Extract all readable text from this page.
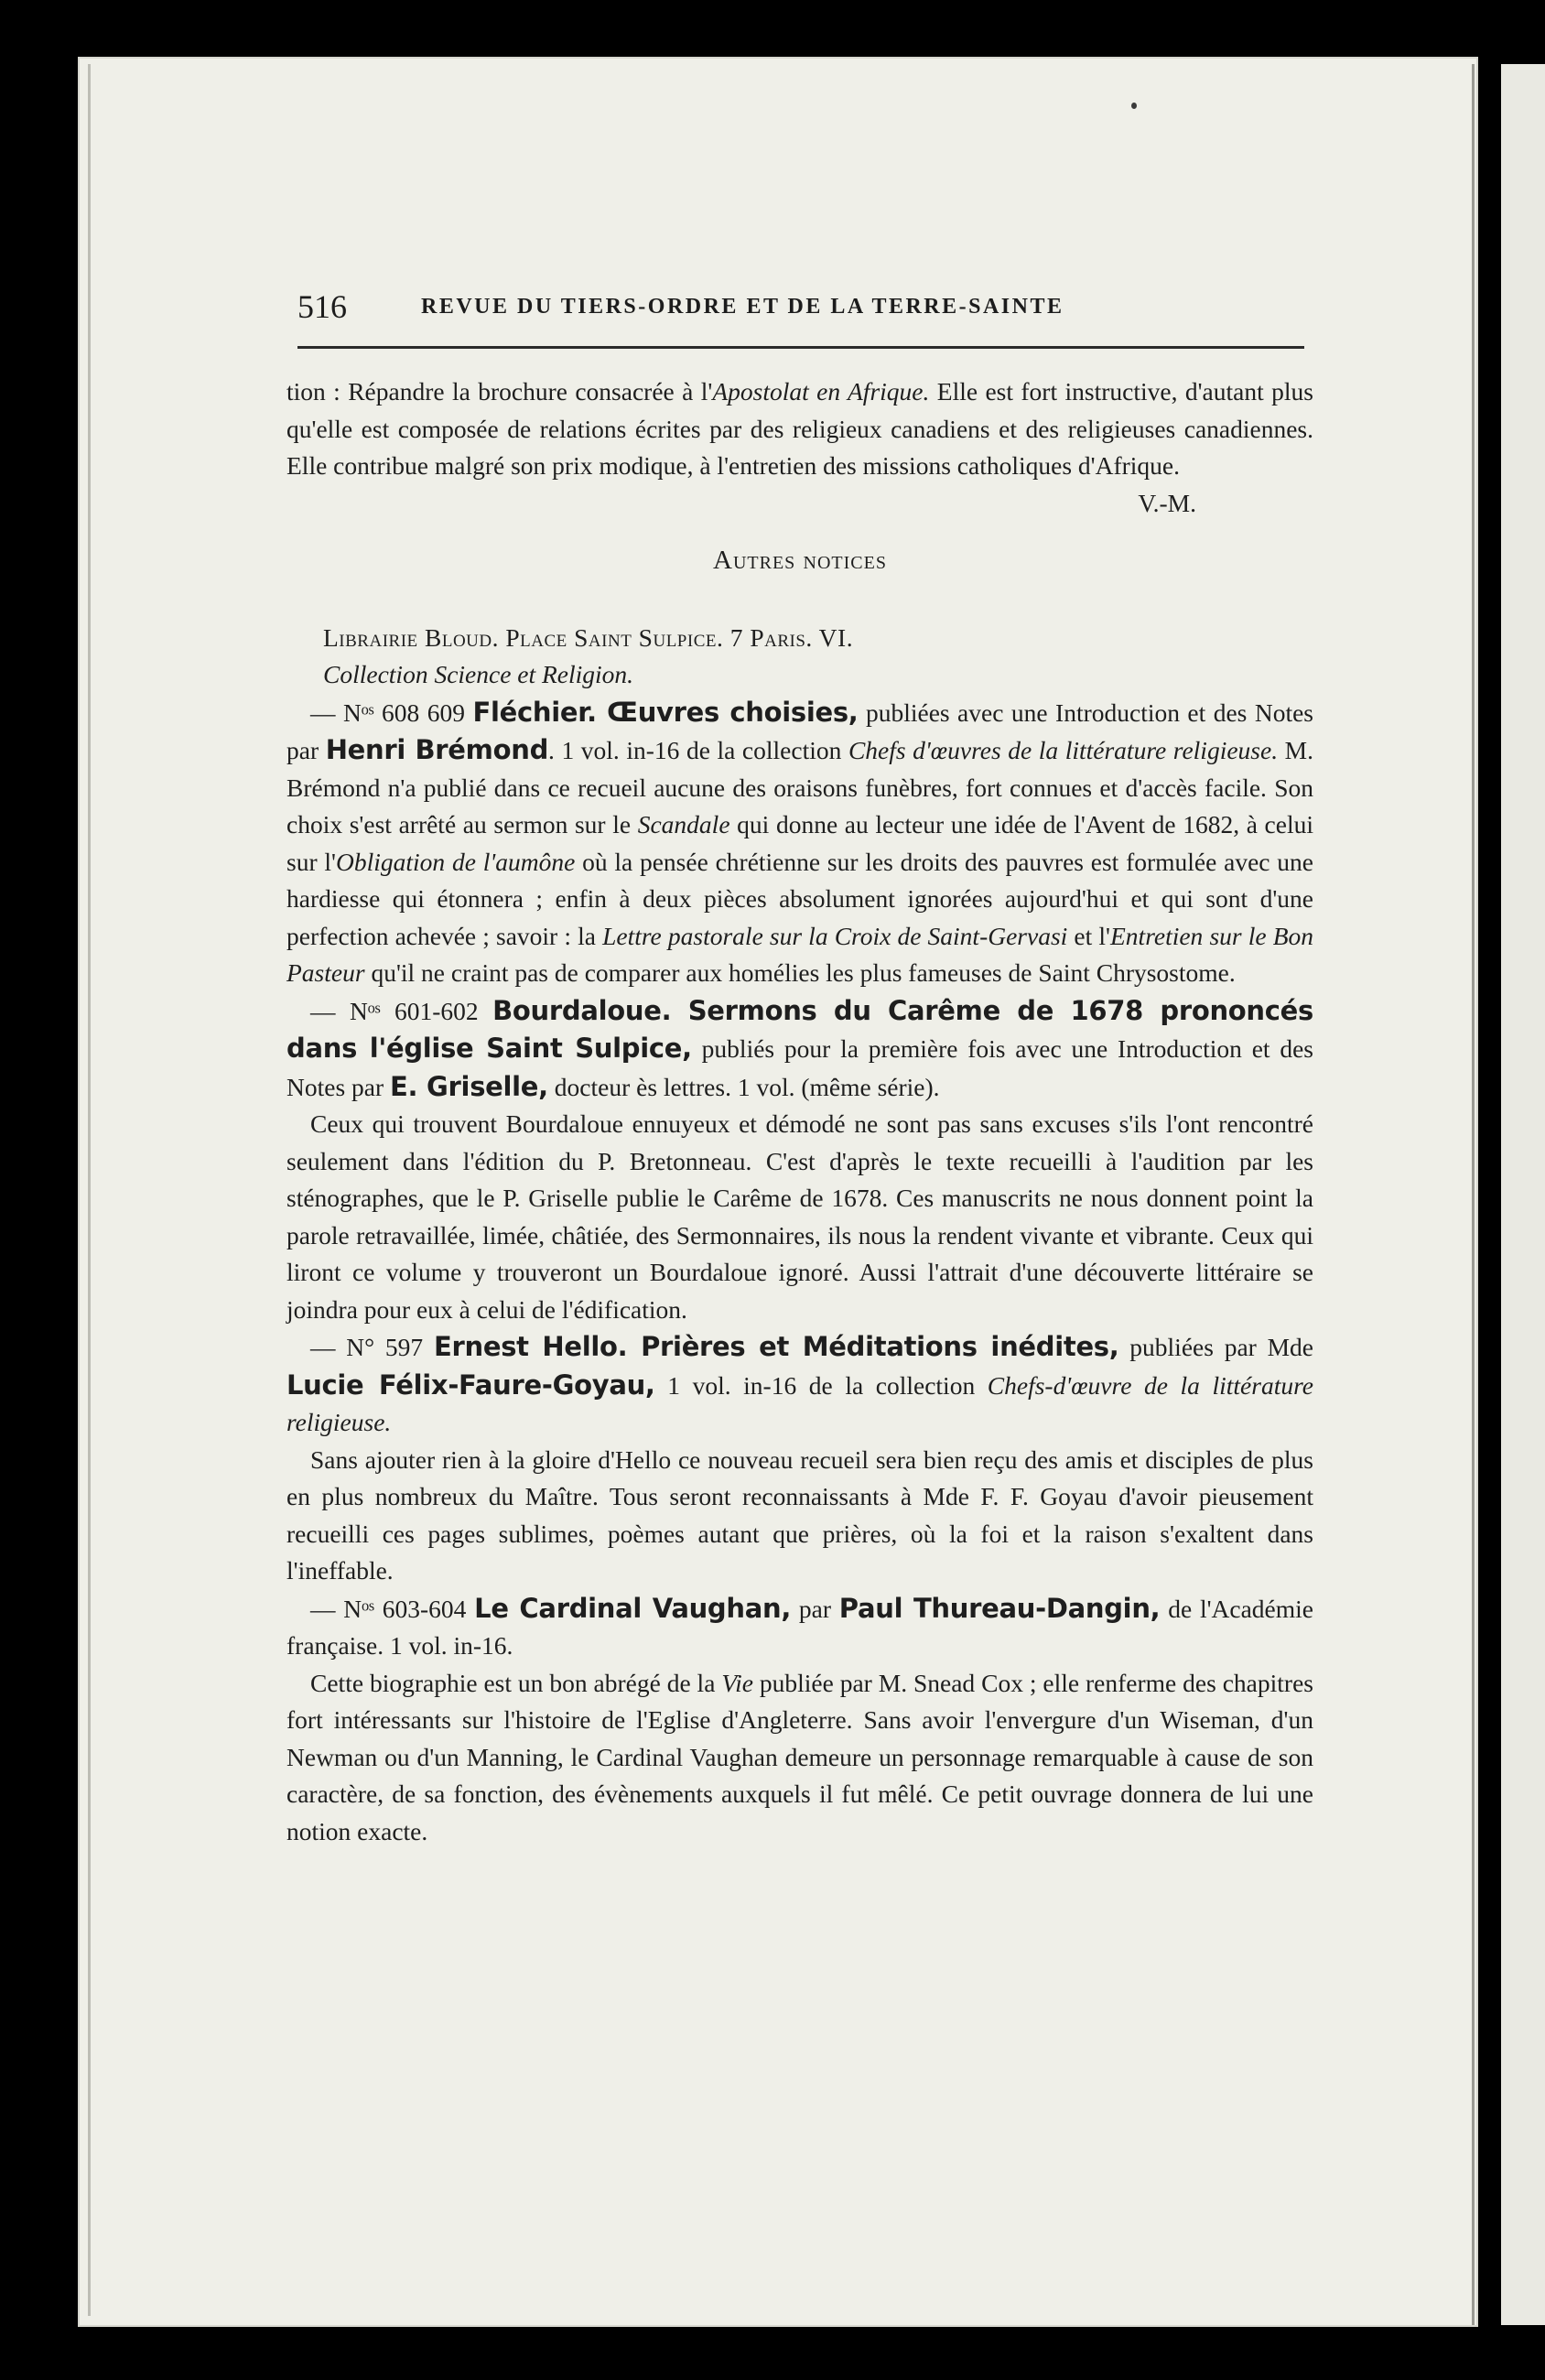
516	REVUE DU TIERS-ORDRE ET DE LA TERRE-SAINTE

tion : Répandre la brochure consacrée à l'Apostolat en Afrique. Elle est fort instructive, d'autant plus qu'elle est composée de relations écrites par des religieux canadiens et des religieuses canadiennes. Elle contribue malgré son prix modique, à l'entretien des missions catholiques d'Afrique.

V.-M.

Autres notices

Librairie Bloud. Place Saint Sulpice. 7 Paris. VI.

Collection Science et Religion.

— Nᵒˢ 608 609 Fléchier. Œuvres choisies, publiées avec une Introduction et des Notes par Henri Brémond. 1 vol. in-16 de la collection Chefs d'œuvres de la littérature religieuse. M. Brémond n'a publié dans ce recueil aucune des oraisons funèbres, fort connues et d'accès facile. Son choix s'est arrêté au sermon sur le Scandale qui donne au lecteur une idée de l'Avent de 1682, à celui sur l'Obligation de l'aumône où la pensée chrétienne sur les droits des pauvres est formulée avec une hardiesse qui étonnera ; enfin à deux pièces absolument ignorées aujourd'hui et qui sont d'une perfection achevée ; savoir : la Lettre pastorale sur la Croix de Saint-Gervasi et l'Entretien sur le Bon Pasteur qu'il ne craint pas de comparer aux homélies les plus fameuses de Saint Chrysostome.

— Nᵒˢ 601-602 Bourdaloue. Sermons du Carême de 1678 prononcés dans l'église Saint Sulpice, publiés pour la première fois avec une Introduction et des Notes par E. Griselle, docteur ès lettres. 1 vol. (même série).

Ceux qui trouvent Bourdaloue ennuyeux et démodé ne sont pas sans excuses s'ils l'ont rencontré seulement dans l'édition du P. Bretonneau. C'est d'après le texte recueilli à l'audition par les sténographes, que le P. Griselle publie le Carême de 1678. Ces manuscrits ne nous donnent point la parole retravaillée, limée, châtiée, des Sermonnaires, ils nous la rendent vivante et vibrante. Ceux qui liront ce volume y trouveront un Bourdaloue ignoré. Aussi l'attrait d'une découverte littéraire se joindra pour eux à celui de l'édification.

— N° 597 Ernest Hello. Prières et Méditations inédites, publiées par Mde Lucie Félix-Faure-Goyau, 1 vol. in-16 de la collection Chefs-d'œuvre de la littérature religieuse.

Sans ajouter rien à la gloire d'Hello ce nouveau recueil sera bien reçu des amis et disciples de plus en plus nombreux du Maître. Tous seront reconnaissants à Mde F. F. Goyau d'avoir pieusement recueilli ces pages sublimes, poèmes autant que prières, où la foi et la raison s'exaltent dans l'ineffable.

— Nᵒˢ 603-604 Le Cardinal Vaughan, par Paul Thureau-Dangin, de l'Académie française. 1 vol. in-16.

Cette biographie est un bon abrégé de la Vie publiée par M. Snead Cox ; elle renferme des chapitres fort intéressants sur l'histoire de l'Eglise d'Angleterre. Sans avoir l'envergure d'un Wiseman, d'un Newman ou d'un Manning, le Cardinal Vaughan demeure un personnage remarquable à cause de son caractère, de sa fonction, des évènements auxquels il fut mêlé. Ce petit ouvrage donnera de lui une notion exacte.
